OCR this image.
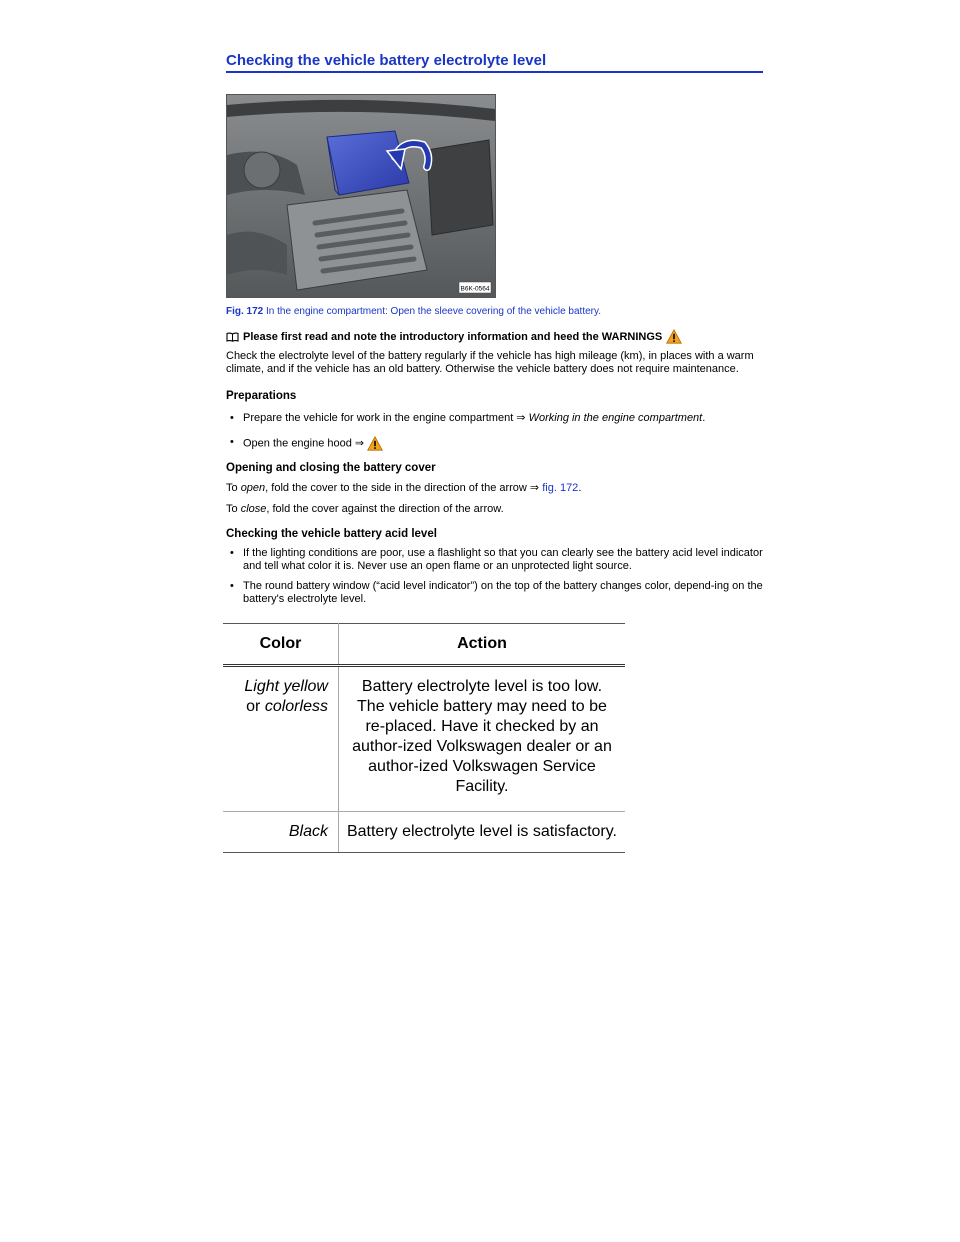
Checking the vehicle battery electrolyte level
B6K-0564
Fig. 172 In the engine compartment: Open the sleeve covering of the vehicle battery.
Please first read and note the introductory information and heed the WARNINGS

Check the electrolyte level of the battery regularly if the vehicle has high mileage (km), in places with a warm climate, and if the vehicle has an old battery. Otherwise the vehicle battery does not require maintenance.

Preparations
• Prepare the vehicle for work in the engine compartment ⇒ Working in the engine compartment.
• Open the engine hood ⇒
Opening and closing the battery cover

To open, fold the cover to the side in the direction of the arrow ⇒ fig. 172.

To close, fold the cover against the direction of the arrow.

Checking the vehicle battery acid level
• If the lighting conditions are poor, use a flashlight so that you can clearly see the battery acid level indicator and tell what color it is. Never use an open flame or an unprotected light source.
• The round battery window (“acid level indicator”) on the top of the battery changes color, depend-ing on the battery's electrolyte level.
Color	Action
Light yellow
or colorless	Battery electrolyte level is too low. The vehicle battery may need to be re-placed. Have it checked by an author-ized Volkswagen dealer or an author-ized Volkswagen Service Facility.
Black	Battery electrolyte level is satisfactory.
